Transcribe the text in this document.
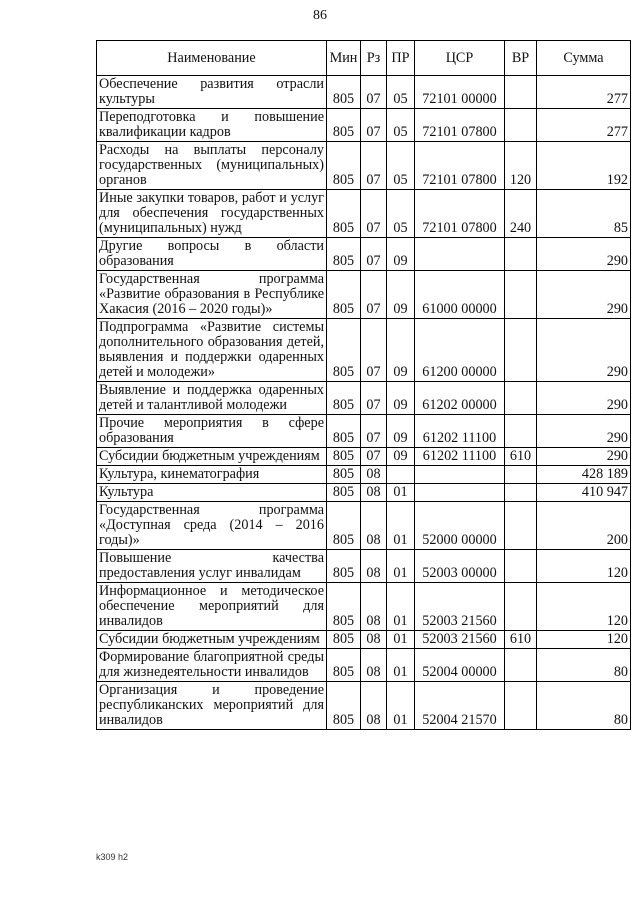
86
Наименование	Мин	Рз	ПР	ЦСР	ВР	Сумма
Обеспечение развития отрасли культуры	805	07	05	72101 00000		277
Переподготовка и повышение квалификации кадров	805	07	05	72101 07800		277
Расходы на выплаты персоналу государственных (муниципальных) органов	805	07	05	72101 07800	120	192
Иные закупки товаров, работ и услуг для обеспечения государственных (муниципальных) нужд	805	07	05	72101 07800	240	85
Другие вопросы в области образования	805	07	09			290
Государственная программа «Развитие образования в Республике Хакасия (2016 – 2020 годы)»	805	07	09	61000 00000		290
Подпрограмма «Развитие системы дополнительного образования детей, выявления и поддержки одаренных детей и молодежи»	805	07	09	61200 00000		290
Выявление и поддержка одаренных детей и талантливой молодежи	805	07	09	61202 00000		290
Прочие мероприятия в сфере образования	805	07	09	61202 11100		290
Субсидии бюджетным учреждениям	805	07	09	61202 11100	610	290
Культура, кинематография	805	08				428 189
Культура	805	08	01			410 947
Государственная программа «Доступная среда (2014 – 2016 годы)»	805	08	01	52000 00000		200
Повышение качества предоставления услуг инвалидам	805	08	01	52003 00000		120
Информационное и методическое обеспечение мероприятий для инвалидов	805	08	01	52003 21560		120
Субсидии бюджетным учреждениям	805	08	01	52003 21560	610	120
Формирование благоприятной среды для жизнедеятельности инвалидов	805	08	01	52004 00000		80
Организация и проведение республиканских мероприятий для инвалидов	805	08	01	52004 21570		80
k309 h2
